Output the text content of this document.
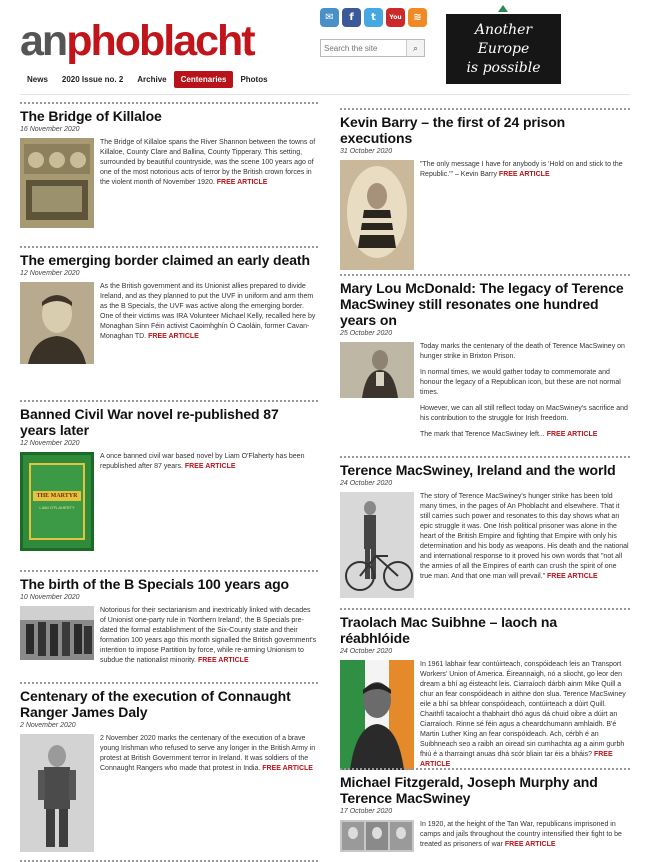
anphoblacht	✉	f	t	You	≋
Search the site
⌕
Another
Europe
is possible
News	2020 Issue no. 2	Archive	Centenaries	Photos
The Bridge of Killaloe
16 November 2020
The Bridge of Killaloe spans the River Shannon between the towns of Killaloe, County Clare and Ballina, County Tipperary. This setting, surrounded by beautiful countryside, was the scene 100 years ago of one of the most notorious acts of terror by the British crown forces in the violent month of November 1920. FREE ARTICLE
The emerging border claimed an early death
12 November 2020
As the British government and its Unionist allies prepared to divide Ireland, and as they planned to put the UVF in uniform and arm them as the B Specials, the UVF was active along the emerging border. One of their victims was IRA Volunteer Michael Kelly, recalled here by Monaghan Sinn Féin activist Caoimhghín Ó Caoláin, former Cavan-Monaghan TD. FREE ARTICLE
Banned Civil War novel re-published 87 years later
12 November 2020
THE MARTYR
LIAM O'FLAHERTY
A once banned civil war based novel by Liam O'Flaherty has been republished after 87 years. FREE ARTICLE
The birth of the B Specials 100 years ago
10 November 2020
Notorious for their sectarianism and inextricably linked with decades of Unionist one-party rule in 'Northern Ireland', the B Specials pre-dated the formal establishment of the Six-County state and their formation 100 years ago this month signalled the British government's intention to impose Partition by force, while re-arming Unionism to subdue the nationalist minority. FREE ARTICLE
Centenary of the execution of Connaught Ranger James Daly
2 November 2020
2 November 2020 marks the centenary of the execution of a brave young Irishman who refused to serve any longer in the British Army in protest at British Government terror in Ireland. It was soldiers of the Connaught Rangers who made that protest in India. FREE ARTICLE
Kevin Barry – the first of 24 prison executions
31 October 2020
"The only message I have for anybody is 'Hold on and stick to the Republic.'" – Kevin Barry FREE ARTICLE
Mary Lou McDonald: The legacy of Terence MacSwiney still resonates one hundred years on
25 October 2020

Today marks the centenary of the death of Terence MacSwiney on hunger strike in Brixton Prison.

In normal times, we would gather today to commemorate and honour the legacy of a Republican icon, but these are not normal times.

However, we can all still reflect today on MacSwiney's sacrifice and his contribution to the struggle for Irish freedom.

The mark that Terence MacSwiney left... FREE ARTICLE

Terence MacSwiney, Ireland and the world
24 October 2020
The story of Terence MacSwiney's hunger strike has been told many times, in the pages of An Phoblacht and elsewhere. That it still carries such power and resonates to this day shows what an epic struggle it was. One Irish political prisoner was alone in the heart of the British Empire and fighting that Empire with only his determination and his body as weapons. His death and the national and international response to it proved his own words that "not all the armies of all the Empires of earth can crush the spirit of one true man. And that one man will prevail." FREE ARTICLE
Traolach Mac Suibhne – laoch na réabhlóide
24 October 2020
In 1961 labhair fear contúirteach, conspóideach leis an Transport Workers' Union of America. Éireannaigh, nó a sliocht, go leor den dream a bhí ag éisteacht leis. Ciarraíoch dárbh ainm Mike Quill a chur an fear conspóideach in aithne don slua. Terence MacSwiney eile a bhí sa bhfear conspóideach, contúirteach a dúirt Quill. Chaithfí tacaíocht a thabhairt dhó agus dá chuid oibre a dúirt an Ciarraíoch. Rinne sé féin agus a cheardchumann amhlaidh. B'é Martin Luther King an fear conspóideach. Ach, cérbh é an Suibhneach seo a raibh an oiread sin cumhachta ag a ainm gurbh fhiú é a tharraingt anuas dhá scór bliain tar éis a bháis? FREE ARTICLE
Michael Fitzgerald, Joseph Murphy and Terence MacSwiney
17 October 2020
In 1920, at the height of the Tan War, republicans imprisoned in camps and jails throughout the country intensified their fight to be treated as prisoners of war FREE ARTICLE
